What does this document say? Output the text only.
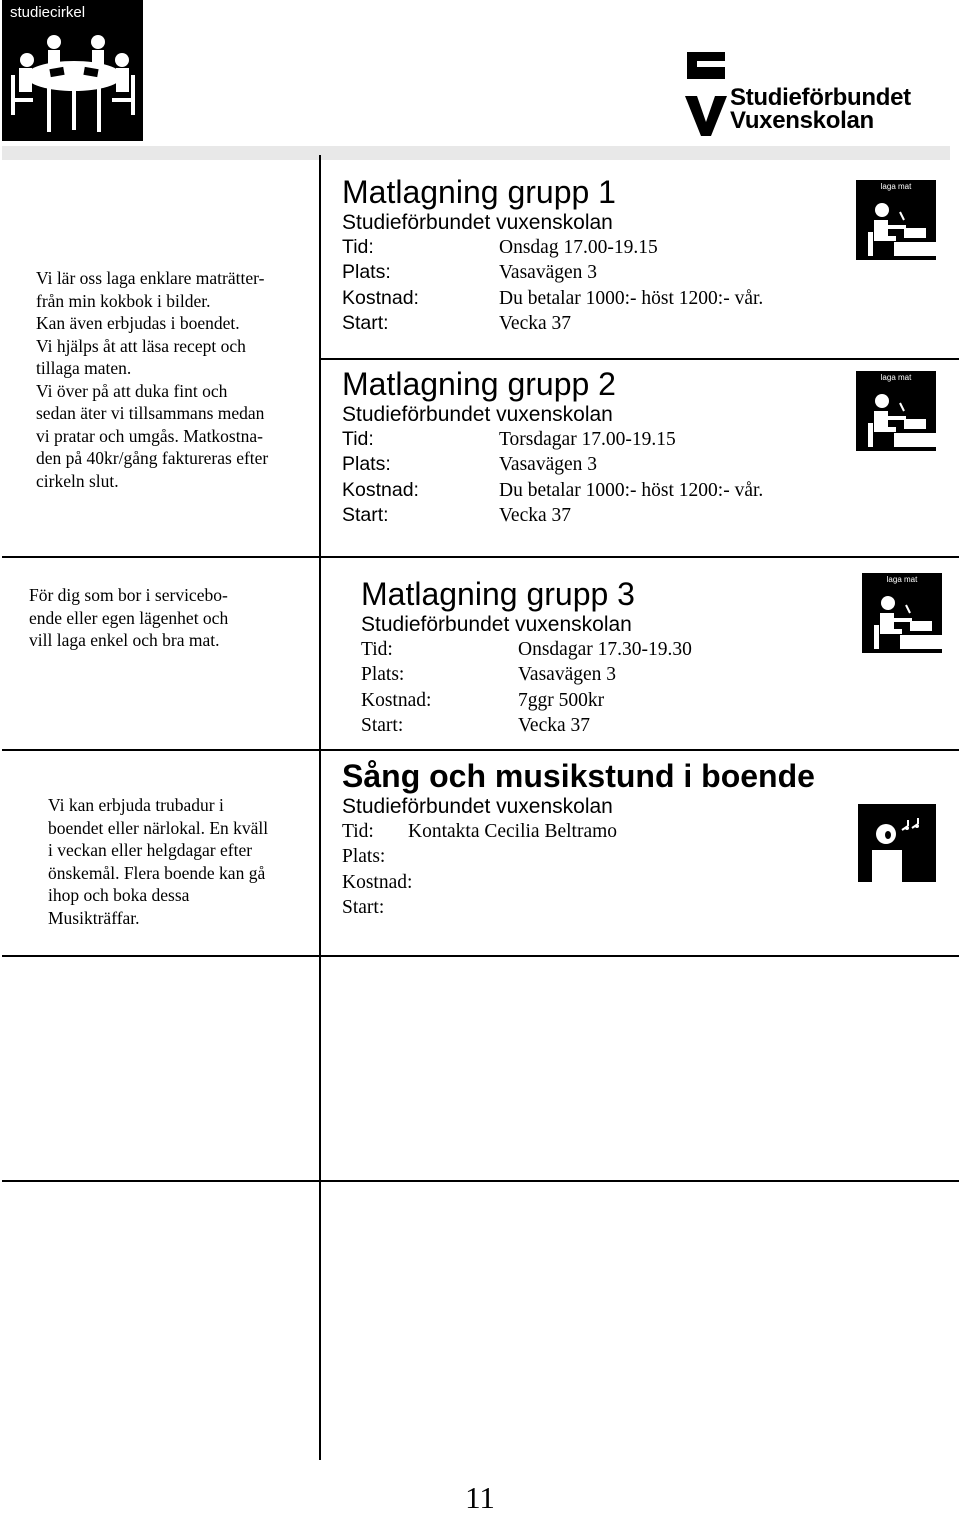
studiecirkel
Studieförbundet
Vuxenskolan
Vi lär oss laga enklare maträtter-
från min kokbok i bilder.
Kan även erbjudas i boendet.
Vi hjälps åt att läsa recept och
tillaga maten.
Vi över på att duka fint och
sedan äter vi tillsammans medan
vi pratar och umgås. Matkostna-
den på 40kr/gång faktureras efter
cirkeln slut.
För dig som bor i servicebo-
ende eller egen lägenhet och
vill laga enkel och bra mat.
Vi kan erbjuda trubadur i
boendet eller närlokal. En kväll
i veckan eller helgdagar efter
önskemål. Flera boende kan gå
ihop och boka dessa
Musikträffar.
Matlagning grupp 1
Studieförbundet vuxenskolan
Tid:	Onsdag 17.00-19.15
Plats:	Vasavägen 3
Kostnad:	Du betalar 1000:- höst 1200:- vår.
Start:	Vecka 37
laga mat
Matlagning grupp 2
Studieförbundet vuxenskolan
Tid:	Torsdagar 17.00-19.15
Plats:	Vasavägen 3
Kostnad:	Du betalar 1000:- höst 1200:- vår.
Start:	Vecka 37
laga mat
Matlagning grupp 3
Studieförbundet vuxenskolan
Tid:	Onsdagar 17.30-19.30
Plats:	Vasavägen 3
Kostnad:	7ggr 500kr
Start:	Vecka 37
laga mat
Sång och musikstund i boende
Studieförbundet vuxenskolan
Tid: Kontakta Cecilia Beltramo
Plats:
Kostnad:
Start:
11
